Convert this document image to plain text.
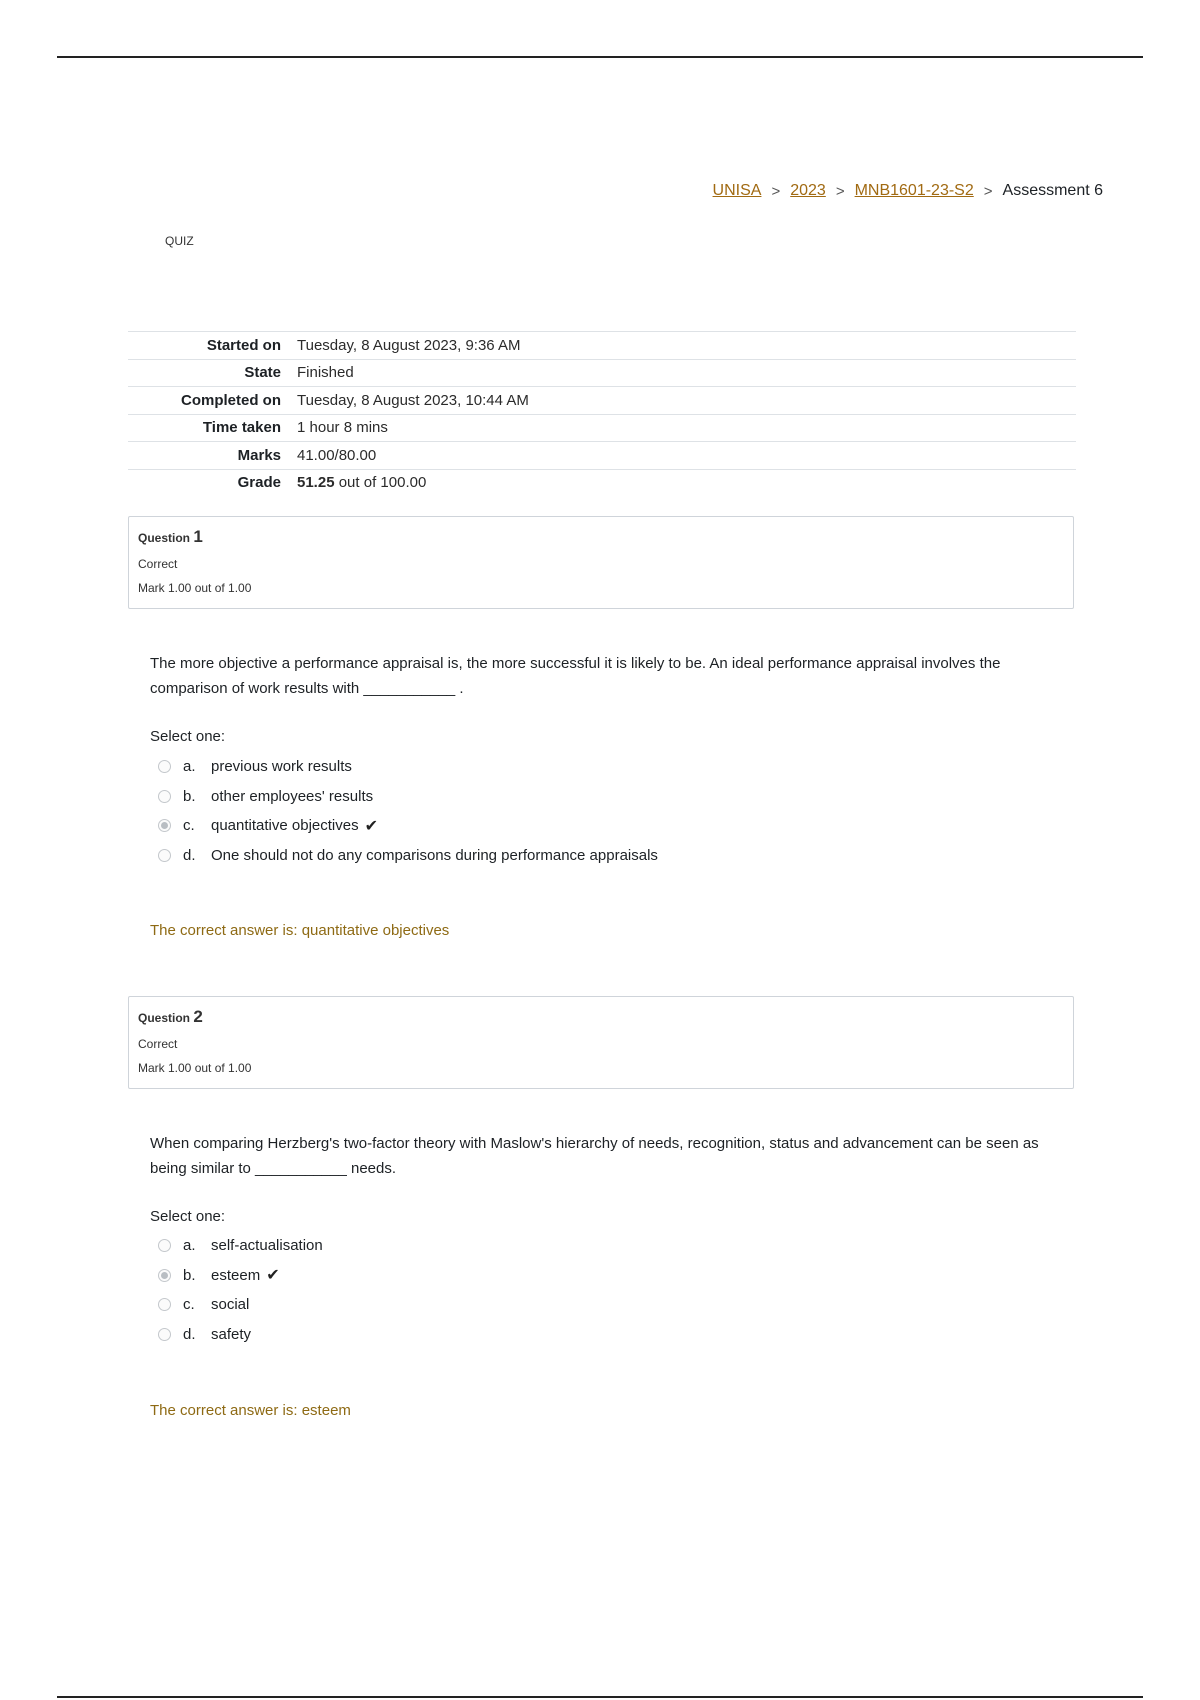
UNISA > 2023 > MNB1601-23-S2 > Assessment 6
QUIZ
Started on	Tuesday, 8 August 2023, 9:36 AM
State	Finished
Completed on	Tuesday, 8 August 2023, 10:44 AM
Time taken	1 hour 8 mins
Marks	41.00/80.00
Grade	51.25 out of 100.00
Question 1
Correct
Mark 1.00 out of 1.00
The more objective a performance appraisal is, the more successful it is likely to be. An ideal performance appraisal involves the comparison of work results with ___________ .
Select one:
a.	previous work results
b.	other employees' results
c.	quantitative objectives ✔
d.	One should not do any comparisons during performance appraisals
The correct answer is: quantitative objectives
Question 2
Correct
Mark 1.00 out of 1.00
When comparing Herzberg's two-factor theory with Maslow's hierarchy of needs, recognition, status and advancement can be seen as being similar to ___________ needs.
Select one:
a.	self-actualisation
b.	esteem ✔
c.	social
d.	safety
The correct answer is: esteem
